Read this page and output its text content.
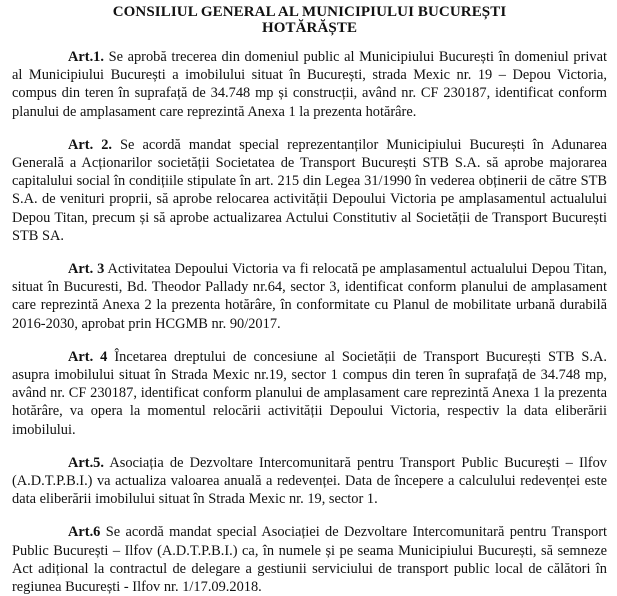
CONSILIUL GENERAL AL MUNICIPIULUI BUCUREȘTI

HOTĂRĂȘTE

Art.1. Se aprobă trecerea din domeniul public al Municipiului București în domeniul privat al Municipiului București a imobilului situat în București, strada Mexic nr. 19 – Depou Victoria, compus din teren în suprafață de 34.748 mp și construcții, având nr. CF 230187, identificat conform planului de amplasament care reprezintă Anexa 1 la prezenta hotărâre.

Art. 2. Se acordă mandat special reprezentanților Municipiului București în Adunarea Generală a Acționarilor societății Societatea de Transport București STB S.A. să aprobe majorarea capitalului social în condițiile stipulate în art. 215 din Legea 31/1990 în vederea obținerii de către STB S.A. de venituri proprii, să aprobe relocarea activității Depoului Victoria pe amplasamentul actualului Depou Titan, precum și să aprobe actualizarea Actului Constitutiv al Societății de Transport București STB SA.

Art. 3 Activitatea Depoului Victoria va fi relocată pe amplasamentul actualului Depou Titan, situat în Bucuresti, Bd. Theodor Pallady nr.64, sector 3, identificat conform planului de amplasament care reprezintă Anexa 2 la prezenta hotărâre, în conformitate cu Planul de mobilitate urbană durabilă 2016-2030, aprobat prin HCGMB nr. 90/2017.

Art. 4 Încetarea dreptului de concesiune al Societății de Transport București STB S.A. asupra imobilului situat în Strada Mexic nr.19, sector 1 compus din teren în suprafață de 34.748 mp, având nr. CF 230187, identificat conform planului de amplasament care reprezintă Anexa 1 la prezenta hotărâre, va opera la momentul relocării activității Depoului Victoria, respectiv la data eliberării imobilului.

Art.5. Asociația de Dezvoltare Intercomunitară pentru Transport Public București – Ilfov (A.D.T.P.B.I.) va actualiza valoarea anuală a redevenței. Data de începere a calculului redevenței este data eliberării imobilului situat în Strada Mexic nr. 19, sector 1.

Art.6 Se acordă mandat special Asociației de Dezvoltare Intercomunitară pentru Transport Public București – Ilfov (A.D.T.P.B.I.) ca, în numele și pe seama Municipiului București, să semneze Act adițional la contractul de delegare a gestiunii serviciului de transport public local de călători în regiunea București - Ilfov nr. 1/17.09.2018.
